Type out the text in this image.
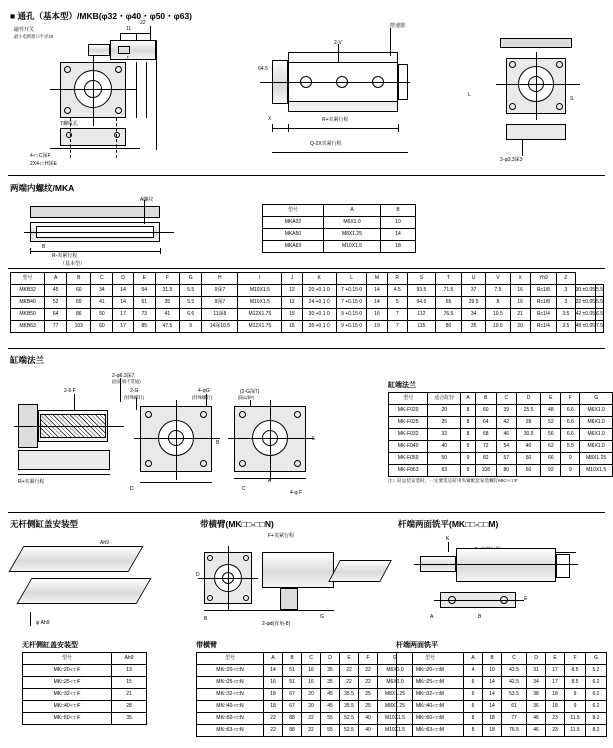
■ 通孔（基本型）/MKB(φ32・φ40・φ50・φ63)
磁性开关
最小电锁窗口半径10
11
22
J
T螺纹孔
4-□ C深F
2X4-□ H深E
摆速器
2-V
64.5
X	R+夹紧行程
Q-2X夹紧行程
L
S
2-φ3.3深3
两端内螺纹/MKA
A螺纹
B
R-夹紧行程
（基本型）
型号	A	B
MKA32	M6X1.0	10
MKA50	M8X1.25	14
MKA63	M10X1.5	18
型号	A	B	C	D	E	F	G	H	I	J	K	L	M	R	S	T	U	V	X	Yh9	Z		
MKB32	45	60	34	14	54	31.5	5.5	9深7	M10X1.5	12	20 +0.1 0	7 +0.15 0	14	4.5	93.5	71.5	37	7.5	16	Rc1/8	3	30 ±0.05	5.5
MKB40	52	69	41	14	61	35	5.5	9深7	M10X1.5	12	24 +0.1 0	7 +0.15 0	14	5	94.5	65	29.5	8	16	Rc1/8	3	32 ±0.05	5.5
MKB50	64	86	50	17	73	41	6.6	11深8	M12X1.75	15	30 +0.1 0	9 +0.15 0	16	7	112	76.5	34	10.5	21	Rc1/4	3.5	42 ±0.05	6.5
MKB63	77	103	60	17	85	47.5	9	14深10.5	M12X1.75	15	35 +0.1 0	9 +0.15 0	19	7	115	80	35	10.5	20	Rc1/4	3.5	48 ±0.05	7.5
缸端法兰
2-φ6.3深7
(固定端不贯通)
2-6 F	2-G
(特殊螺钉)
4-φG
(特殊螺钉)
(2-G深7)
(隔1深F)
R+夹紧行程
D
B
E
C
A
4-φ F
缸端法兰
型号	适合缸径	A	B	C	D	E	F	G
MK-F020	20	8	60	39	25.5	48	6.6	M6X1.0
MK-F025	25	8	64	42	28	52	6.6	M6X1.0
MK-F032	32	8	68	46	30.5	56	6.6	M6X1.0
MK-F040	40	9	72	54	40	62	5.5	M6X1.0
MK-F050	50	9	82	57	50	66	9	M8X1.25
MK-F063	63	9	108	80	60	92	9	M10X1.5
注）缸总装安装时，一定要选定缸用夹紧配套安装螺钉MK□-□□F
无杆侧缸盖安装型	带横臂(MK□□-□□N)	杆端两面铣平(MK□□-□□M)
φ Ah9
Ah9
F+夹紧行程
B
2-φd(直角-8)
G
D
K
A	B
E
无杆侧缸盖安装型
型号	Ah9
MK□20-□□F	13
MK□25-□□F	15
MK□32-□□F	21
MK□40-□□F	28
MK□50-□□F	35
带横臂
型号	A	B	C	D	E	F	G
MK□20-□□N	14	51	16	35	22	22	M6X1.0
MK□25-□□N	16	51	16	35	22	22	M6X1.0
MK□32-□□N	18	67	20	45	35.5	25	M8X1.25
MK□40-□□N	18	67	20	45	35.5	25	M8X1.25
MK□50-□□N	22	88	22	55	52.5	40	M10X1.5
MK□63-□□N	22	88	22	55	52.5	40	M10X1.5
杆端两面铣平
型号	A	B	C	D	E	F	G
MK□20-□□M	4	10	42.5	31	17	8.5	5.2
MK□25-□□M	6	14	42.5	34	17	8.5	6.2
MK□32-□□M	6	14	53.5	38	18	9	6.2
MK□40-□□M	6	14	61	36	18	9	6.2
MK□50-□□M	8	18	77	46	23	11.5	8.2
MK□63-□□M	8	18	76.5	46	23	11.5	8.2
